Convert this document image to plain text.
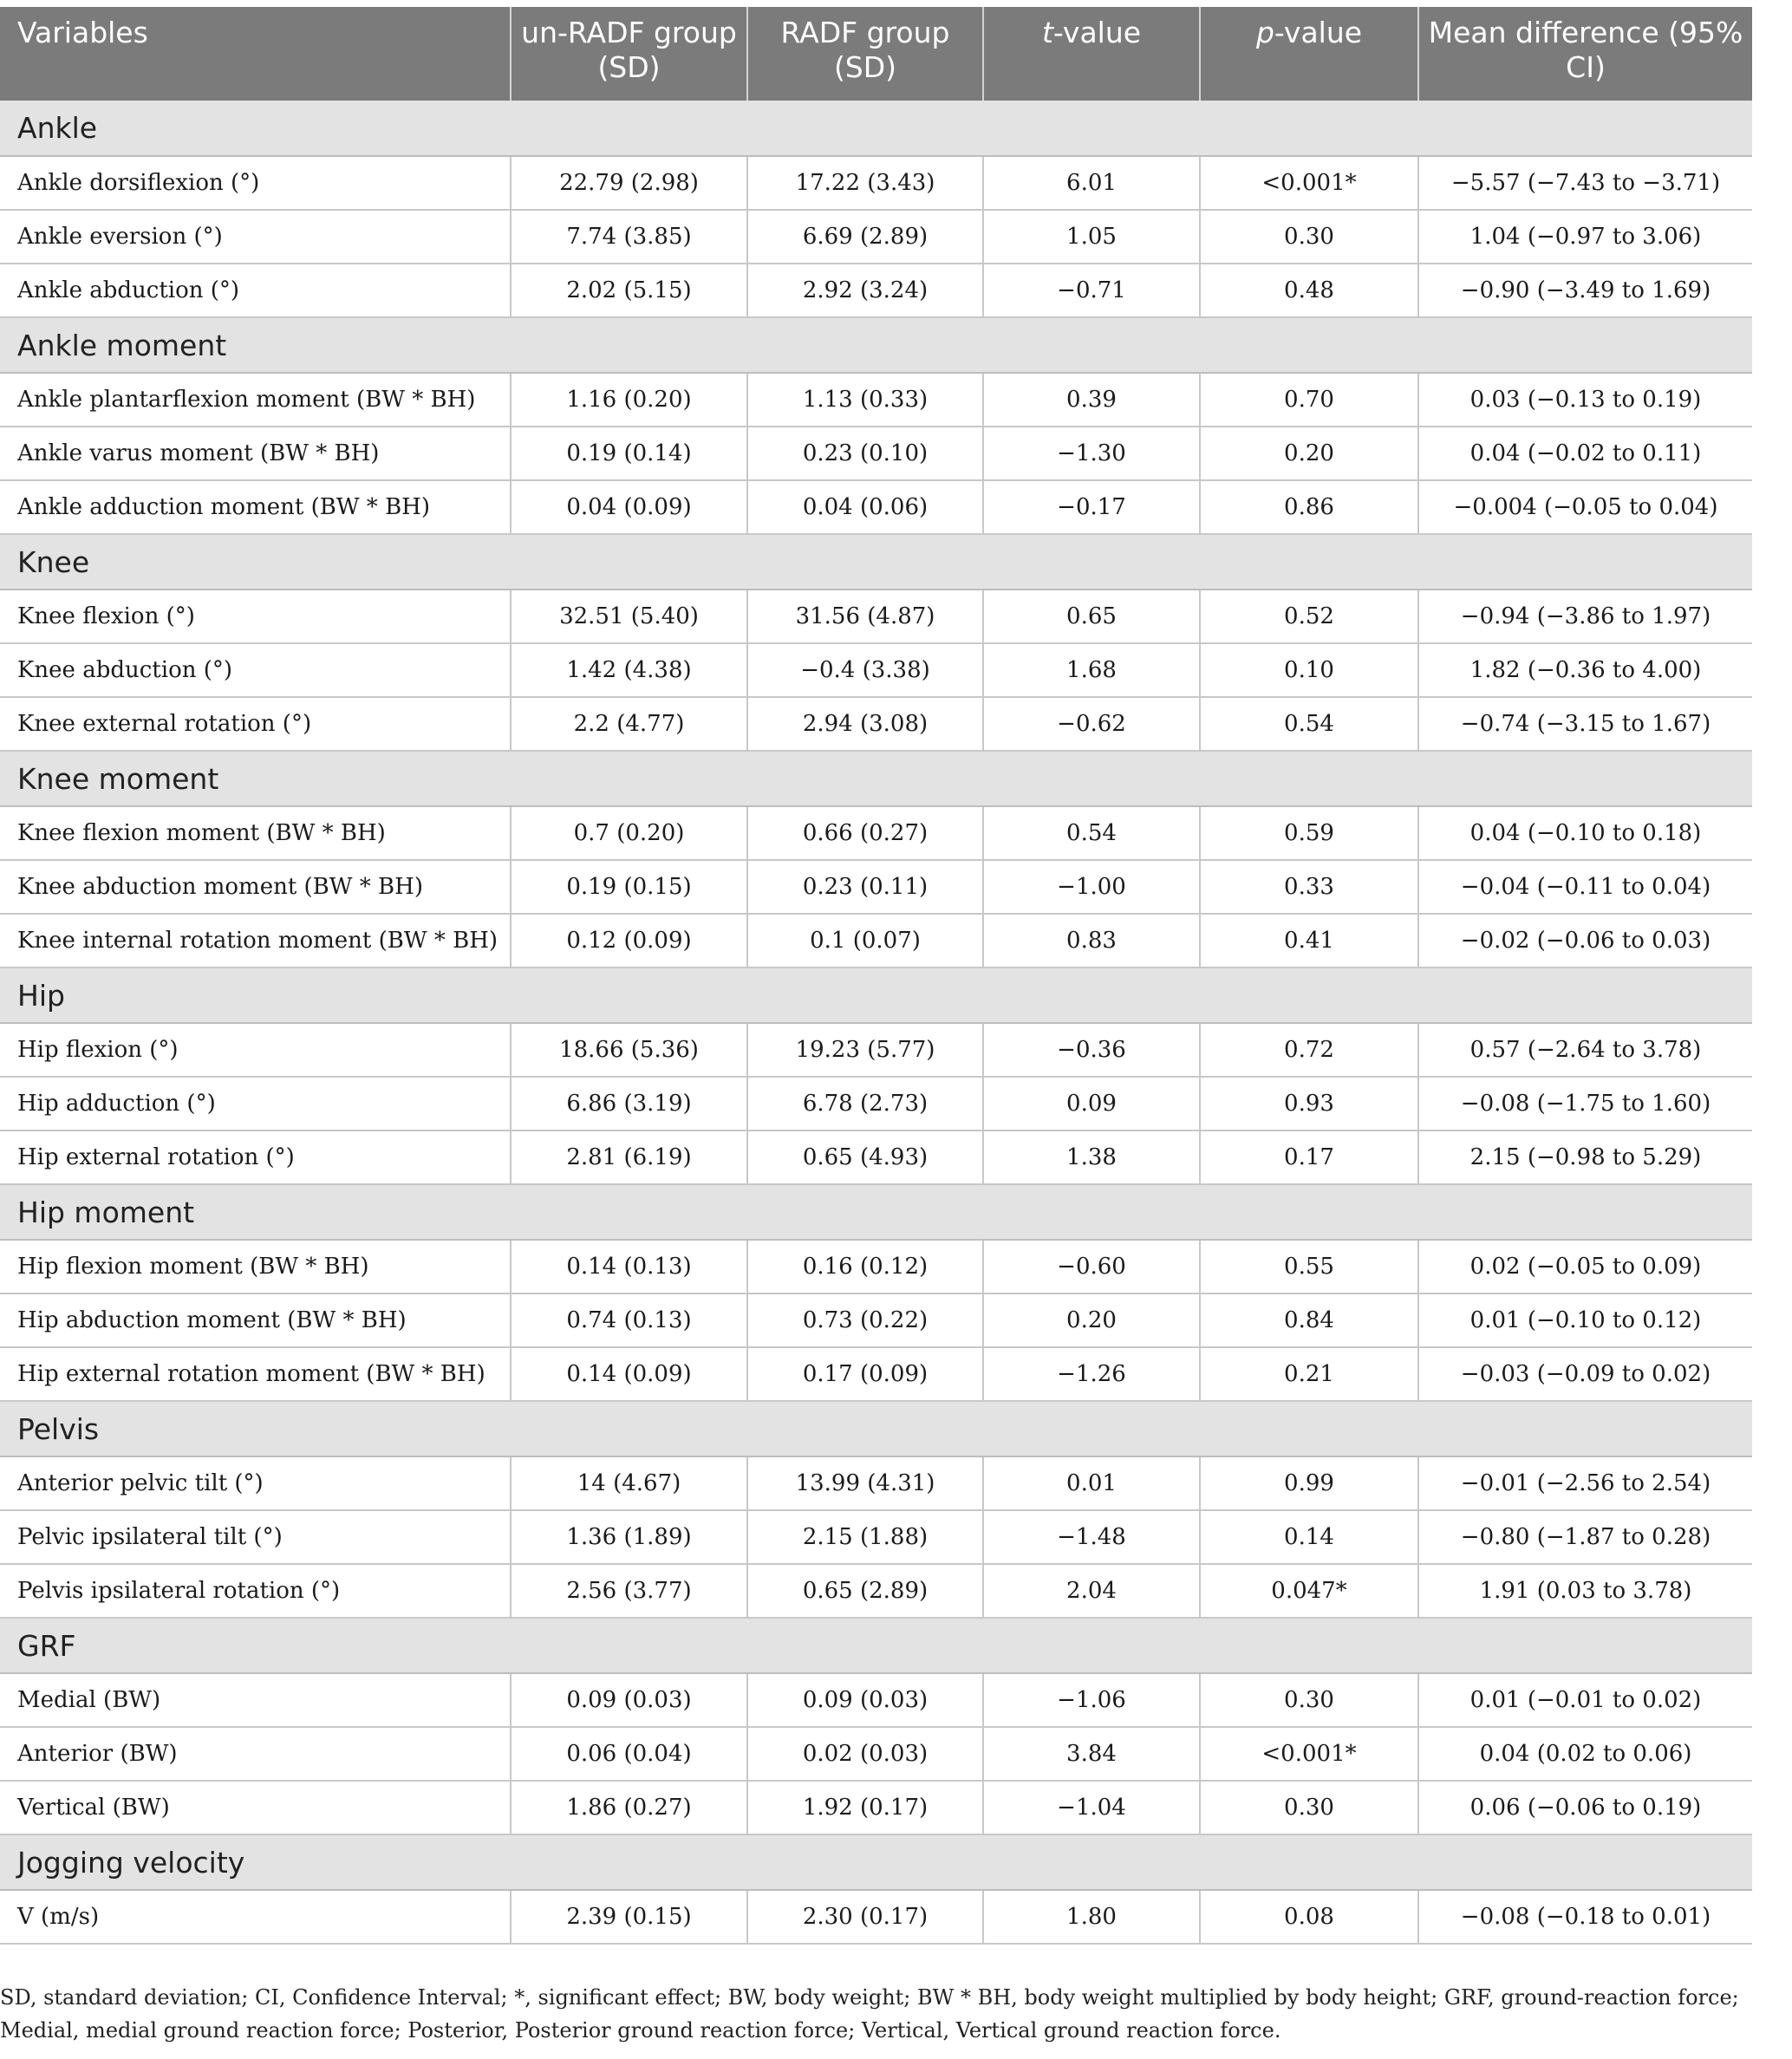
Variables	un-RADF group (SD)	RADF group (SD)	t-value	p-value	Mean difference (95% CI)
Ankle					
Ankle dorsiflexion (°)	22.79 (2.98)	17.22 (3.43)	6.01	<0.001*	−5.57 (−7.43 to −3.71)
Ankle eversion (°)	7.74 (3.85)	6.69 (2.89)	1.05	0.30	1.04 (−0.97 to 3.06)
Ankle abduction (°)	2.02 (5.15)	2.92 (3.24)	−0.71	0.48	−0.90 (−3.49 to 1.69)
Ankle moment					
Ankle plantarflexion moment (BW * BH)	1.16 (0.20)	1.13 (0.33)	0.39	0.70	0.03 (−0.13 to 0.19)
Ankle varus moment (BW * BH)	0.19 (0.14)	0.23 (0.10)	−1.30	0.20	0.04 (−0.02 to 0.11)
Ankle adduction moment (BW * BH)	0.04 (0.09)	0.04 (0.06)	−0.17	0.86	−0.004 (−0.05 to 0.04)
Knee					
Knee flexion (°)	32.51 (5.40)	31.56 (4.87)	0.65	0.52	−0.94 (−3.86 to 1.97)
Knee abduction (°)	1.42 (4.38)	−0.4 (3.38)	1.68	0.10	1.82 (−0.36 to 4.00)
Knee external rotation (°)	2.2 (4.77)	2.94 (3.08)	−0.62	0.54	−0.74 (−3.15 to 1.67)
Knee moment					
Knee flexion moment (BW * BH)	0.7 (0.20)	0.66 (0.27)	0.54	0.59	0.04 (−0.10 to 0.18)
Knee abduction moment (BW * BH)	0.19 (0.15)	0.23 (0.11)	−1.00	0.33	−0.04 (−0.11 to 0.04)
Knee internal rotation moment (BW * BH)	0.12 (0.09)	0.1 (0.07)	0.83	0.41	−0.02 (−0.06 to 0.03)
Hip					
Hip flexion (°)	18.66 (5.36)	19.23 (5.77)	−0.36	0.72	0.57 (−2.64 to 3.78)
Hip adduction (°)	6.86 (3.19)	6.78 (2.73)	0.09	0.93	−0.08 (−1.75 to 1.60)
Hip external rotation (°)	2.81 (6.19)	0.65 (4.93)	1.38	0.17	2.15 (−0.98 to 5.29)
Hip moment					
Hip flexion moment (BW * BH)	0.14 (0.13)	0.16 (0.12)	−0.60	0.55	0.02 (−0.05 to 0.09)
Hip abduction moment (BW * BH)	0.74 (0.13)	0.73 (0.22)	0.20	0.84	0.01 (−0.10 to 0.12)
Hip external rotation moment (BW * BH)	0.14 (0.09)	0.17 (0.09)	−1.26	0.21	−0.03 (−0.09 to 0.02)
Pelvis					
Anterior pelvic tilt (°)	14 (4.67)	13.99 (4.31)	0.01	0.99	−0.01 (−2.56 to 2.54)
Pelvic ipsilateral tilt (°)	1.36 (1.89)	2.15 (1.88)	−1.48	0.14	−0.80 (−1.87 to 0.28)
Pelvis ipsilateral rotation (°)	2.56 (3.77)	0.65 (2.89)	2.04	0.047*	1.91 (0.03 to 3.78)
GRF					
Medial (BW)	0.09 (0.03)	0.09 (0.03)	−1.06	0.30	0.01 (−0.01 to 0.02)
Anterior (BW)	0.06 (0.04)	0.02 (0.03)	3.84	<0.001*	0.04 (0.02 to 0.06)
Vertical (BW)	1.86 (0.27)	1.92 (0.17)	−1.04	0.30	0.06 (−0.06 to 0.19)
Jogging velocity					
V (m/s)	2.39 (0.15)	2.30 (0.17)	1.80	0.08	−0.08 (−0.18 to 0.01)

SD, standard deviation; CI, Confidence Interval; *, significant effect; BW, body weight; BW * BH, body weight multiplied by body height; GRF, ground-reaction force; Medial, medial ground reaction force; Posterior, Posterior ground reaction force; Vertical, Vertical ground reaction force.
